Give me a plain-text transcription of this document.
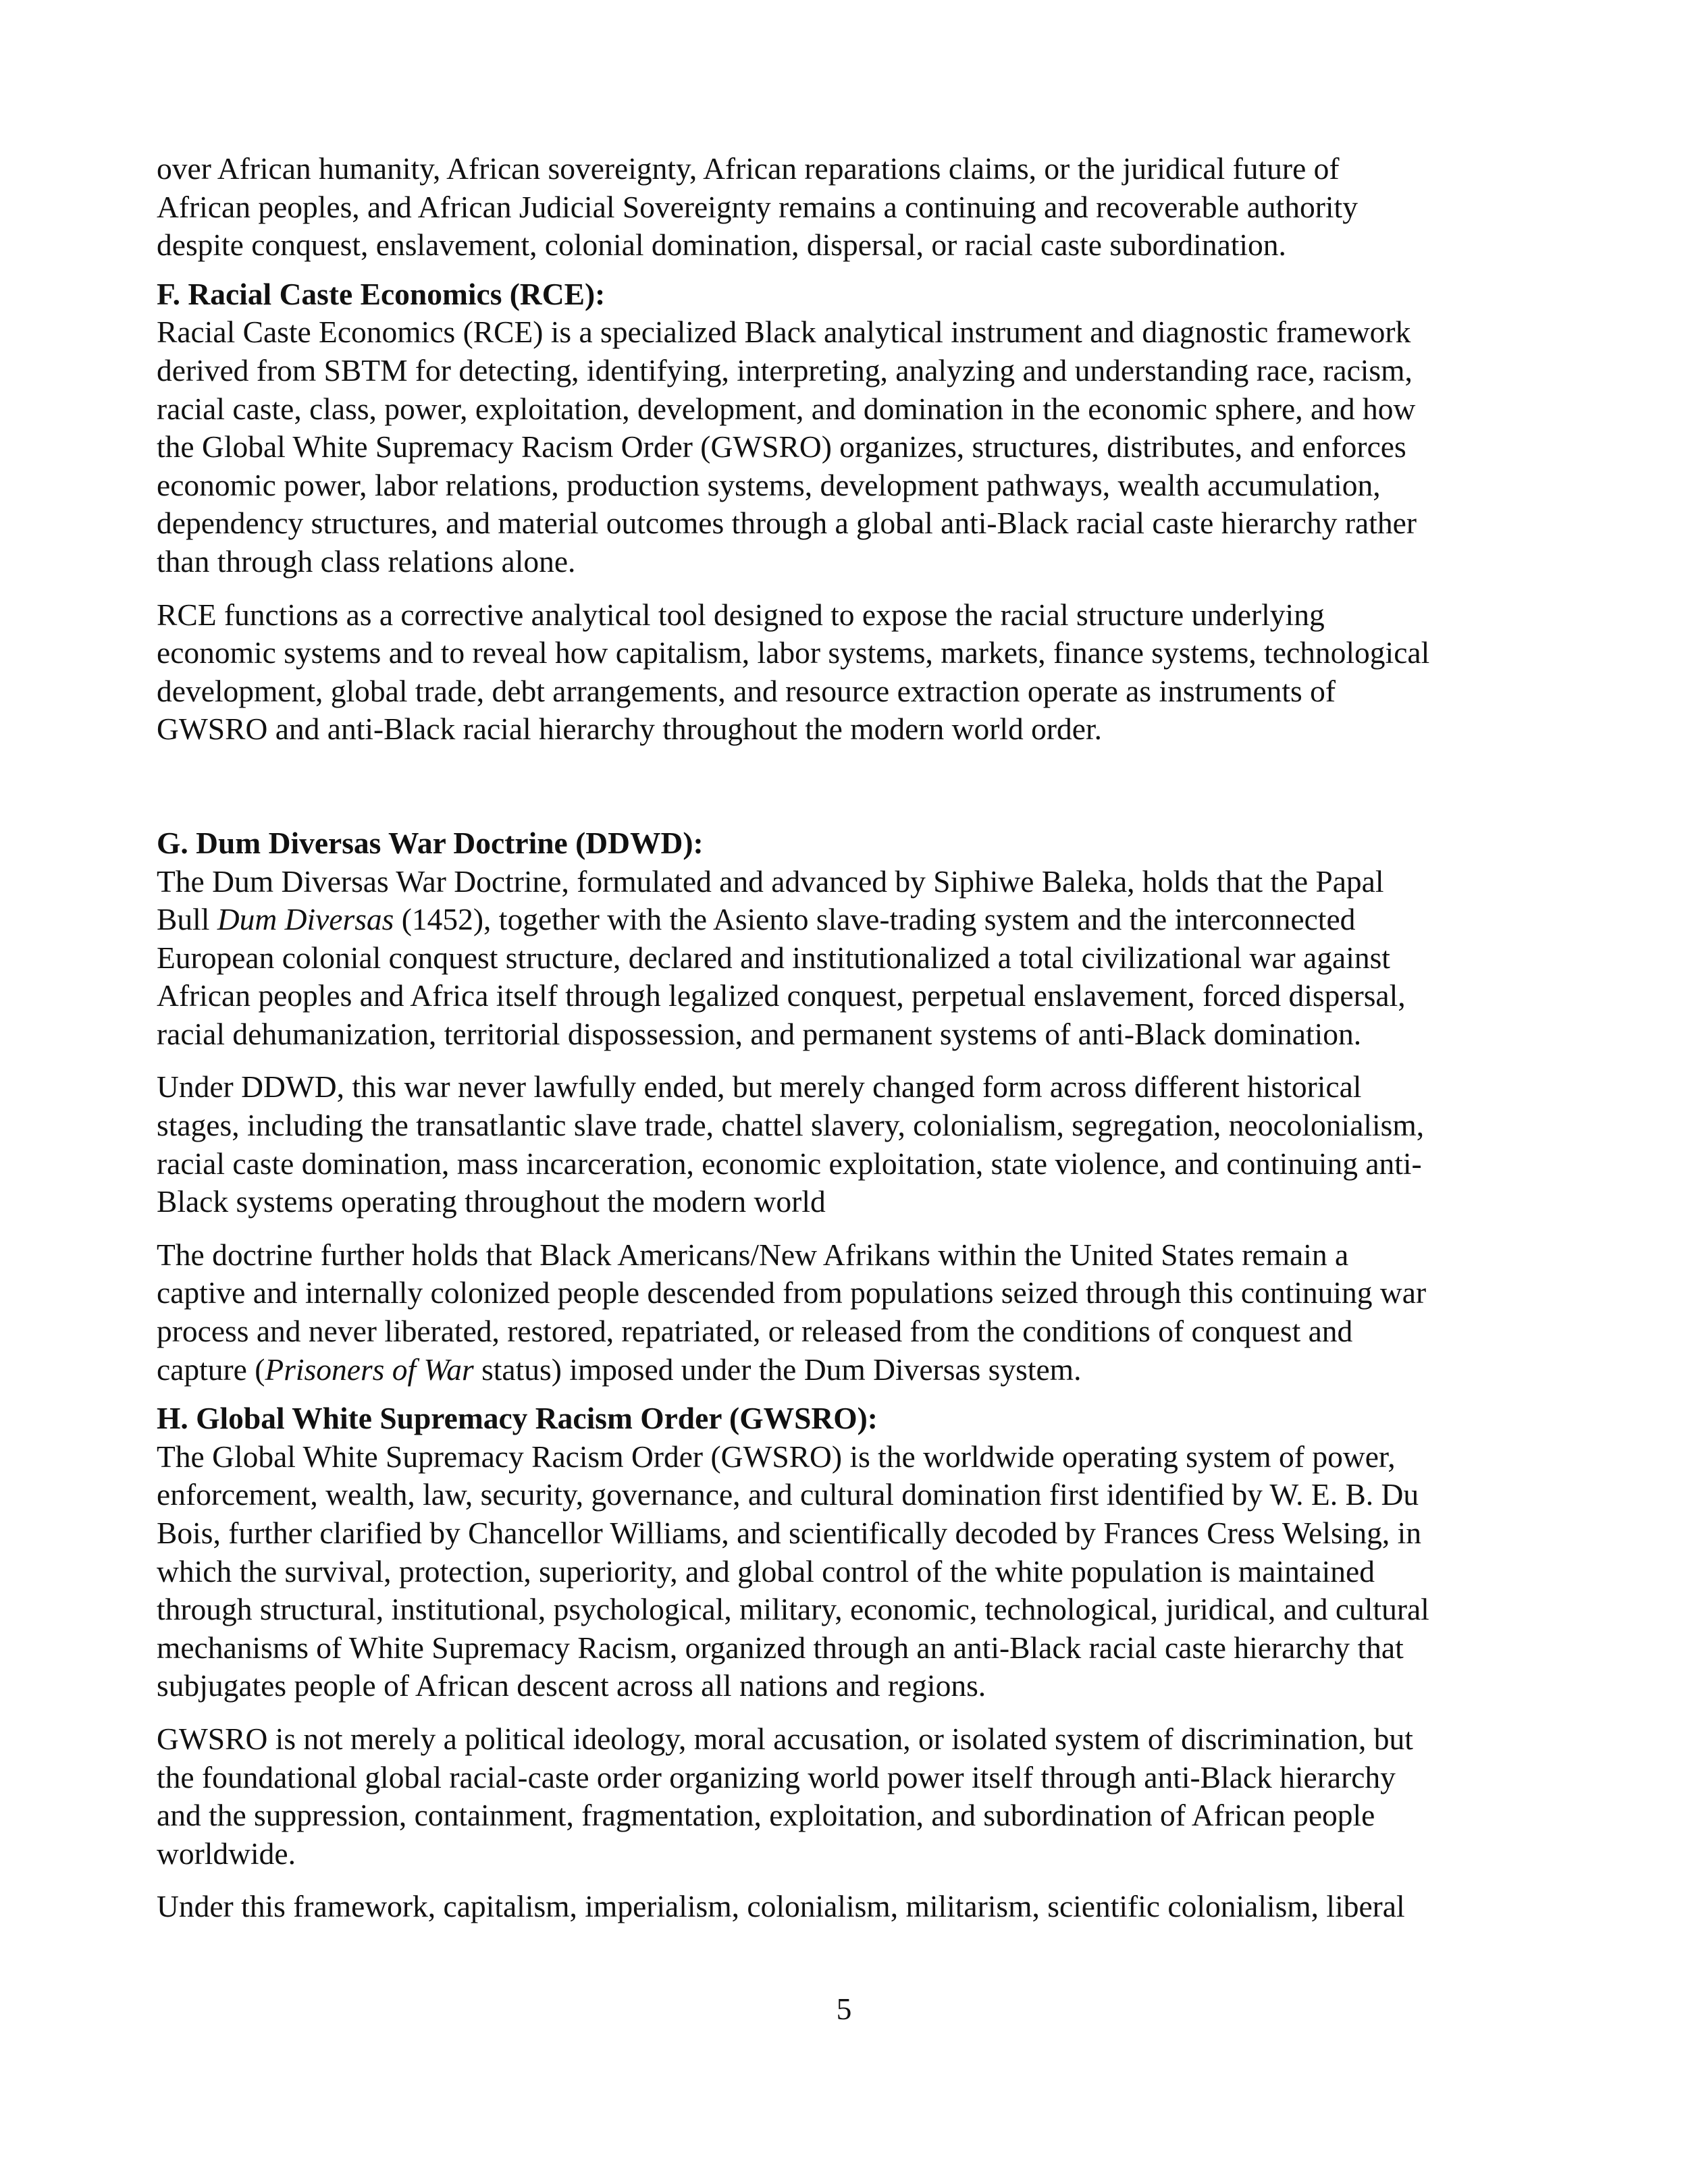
over African humanity, African sovereignty, African reparations claims, or the juridical future of
African peoples, and African Judicial Sovereignty remains a continuing and recoverable authority
despite conquest, enslavement, colonial domination, dispersal, or racial caste subordination.
F. Racial Caste Economics (RCE):
Racial Caste Economics (RCE) is a specialized Black analytical instrument and diagnostic framework
derived from SBTM for detecting, identifying, interpreting, analyzing and understanding race, racism,
racial caste, class, power, exploitation, development, and domination in the economic sphere, and how
the Global White Supremacy Racism Order (GWSRO) organizes, structures, distributes, and enforces
economic power, labor relations, production systems, development pathways, wealth accumulation,
dependency structures, and material outcomes through a global anti-Black racial caste hierarchy rather
than through class relations alone.
RCE functions as a corrective analytical tool designed to expose the racial structure underlying
economic systems and to reveal how capitalism, labor systems, markets, finance systems, technological
development, global trade, debt arrangements, and resource extraction operate as instruments of
GWSRO and anti-Black racial hierarchy throughout the modern world order.
G. Dum Diversas War Doctrine (DDWD):
The Dum Diversas War Doctrine, formulated and advanced by Siphiwe Baleka, holds that the Papal
Bull Dum Diversas (1452), together with the Asiento slave-trading system and the interconnected
European colonial conquest structure, declared and institutionalized a total civilizational war against
African peoples and Africa itself through legalized conquest, perpetual enslavement, forced dispersal,
racial dehumanization, territorial dispossession, and permanent systems of anti-Black domination.
Under DDWD, this war never lawfully ended, but merely changed form across different historical
stages, including the transatlantic slave trade, chattel slavery, colonialism, segregation, neocolonialism,
racial caste domination, mass incarceration, economic exploitation, state violence, and continuing anti-
Black systems operating throughout the modern world
The doctrine further holds that Black Americans/New Afrikans within the United States remain a
captive and internally colonized people descended from populations seized through this continuing war
process and never liberated, restored, repatriated, or released from the conditions of conquest and
capture (Prisoners of War status) imposed under the Dum Diversas system.
H. Global White Supremacy Racism Order (GWSRO):
The Global White Supremacy Racism Order (GWSRO) is the worldwide operating system of power,
enforcement, wealth, law, security, governance, and cultural domination first identified by W. E. B. Du
Bois, further clarified by Chancellor Williams, and scientifically decoded by Frances Cress Welsing, in
which the survival, protection, superiority, and global control of the white population is maintained
through structural, institutional, psychological, military, economic, technological, juridical, and cultural
mechanisms of White Supremacy Racism, organized through an anti-Black racial caste hierarchy that
subjugates people of African descent across all nations and regions.
GWSRO is not merely a political ideology, moral accusation, or isolated system of discrimination, but
the foundational global racial-caste order organizing world power itself through anti-Black hierarchy
and the suppression, containment, fragmentation, exploitation, and subordination of African people
worldwide.
Under this framework, capitalism, imperialism, colonialism, militarism, scientific colonialism, liberal
5
